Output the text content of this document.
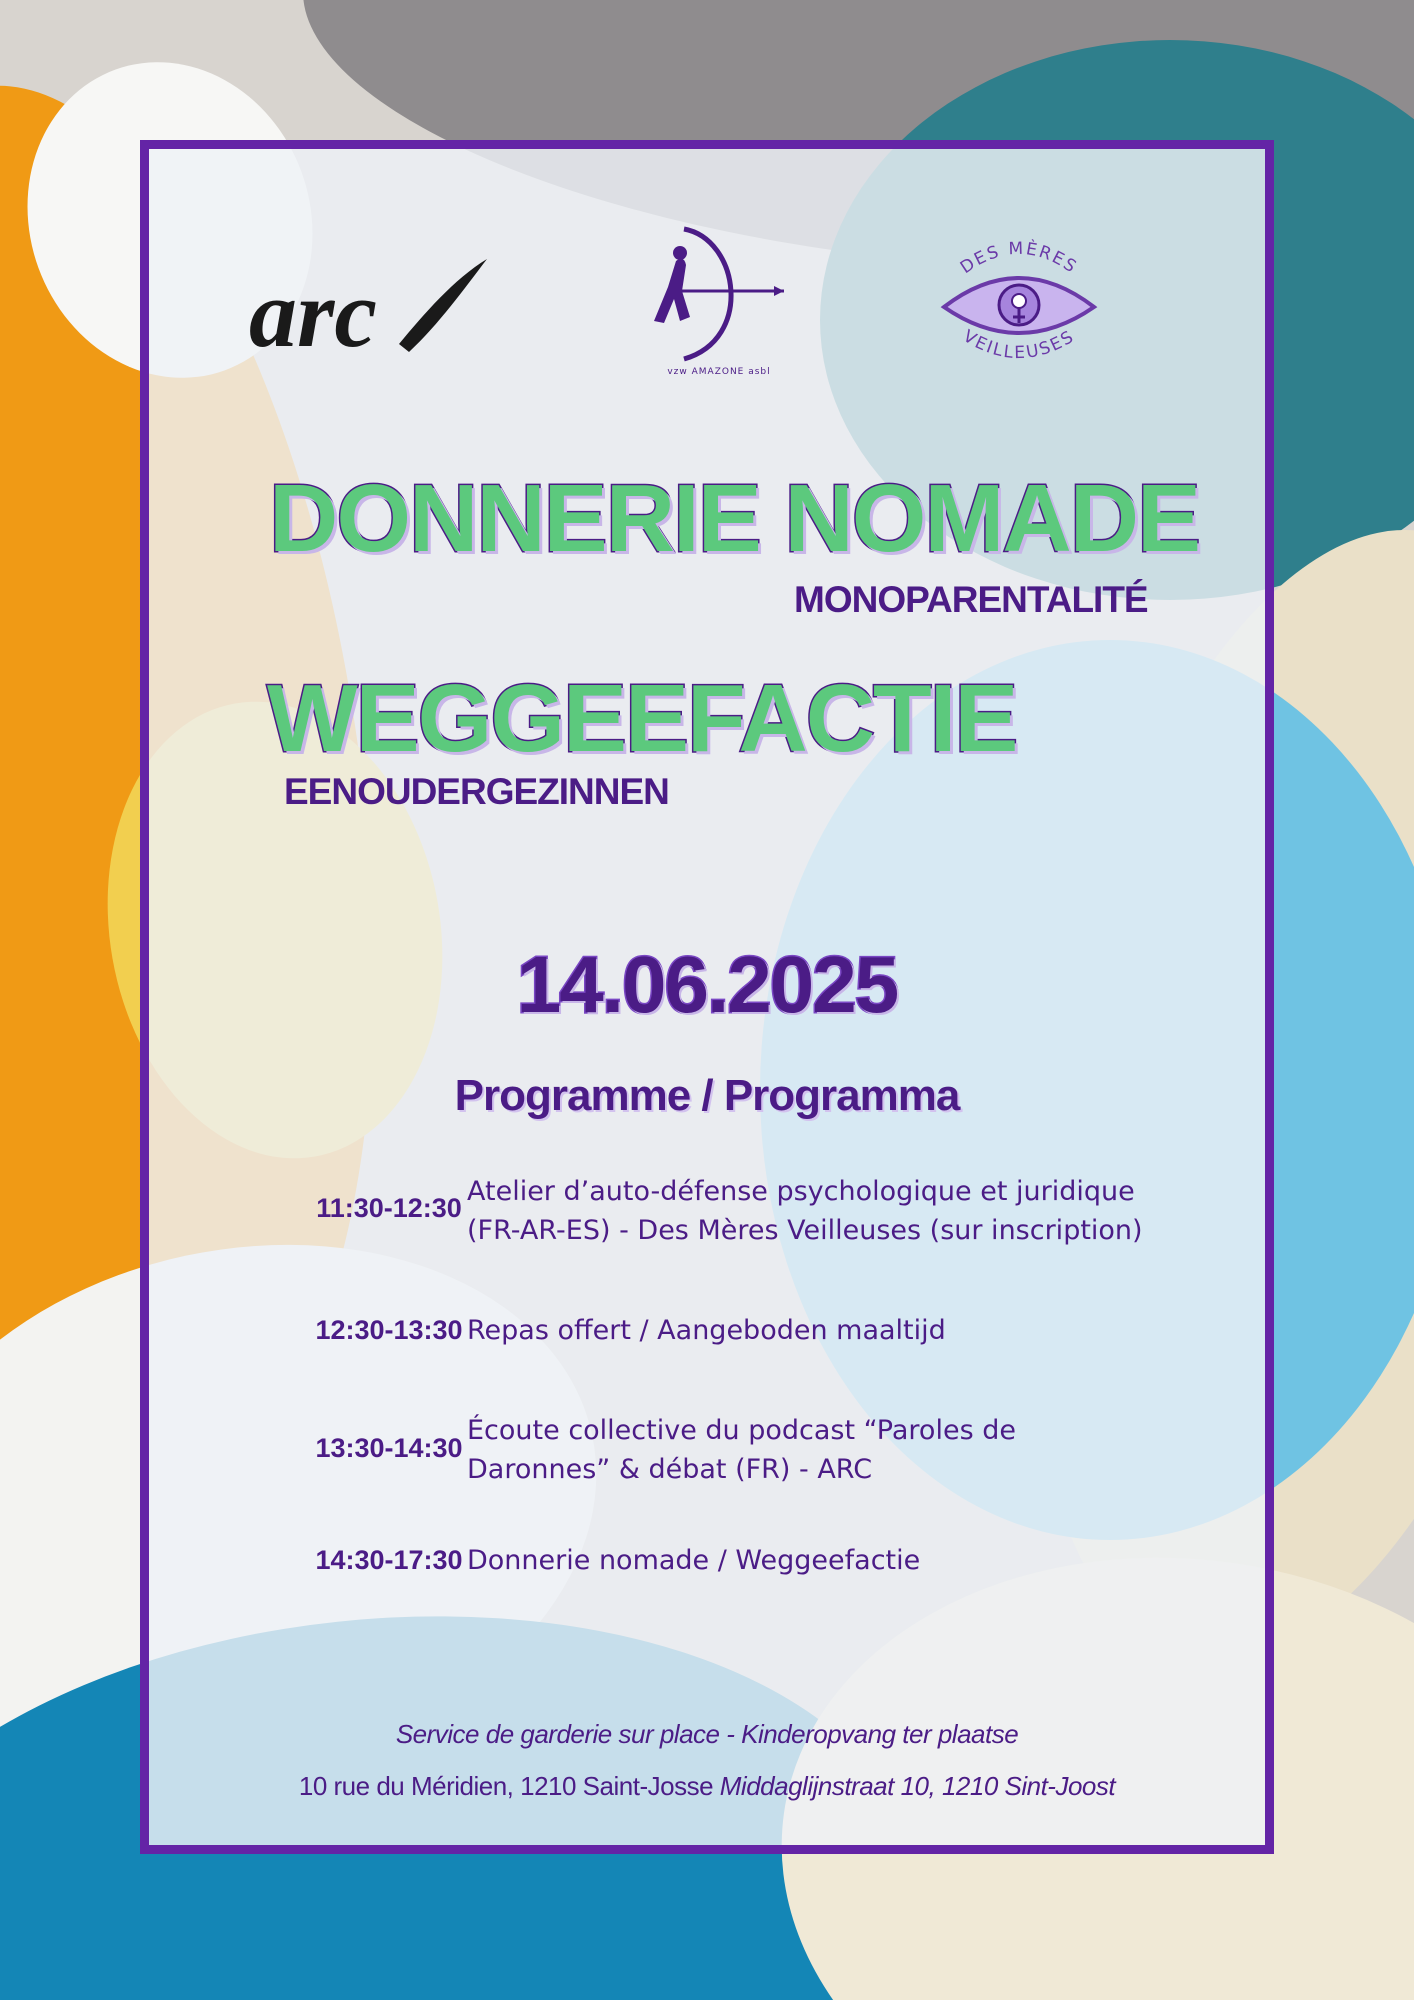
arc
vzw AMAZONE asbl
DES MÈRES
VEILLEUSES
DONNERIE NOMADE
MONOPARENTALITÉ
WEGGEEFACTIE
EENOUDERGEZINNEN
14.06.2025
Programme / Programma
11:30-12:30
Atelier d’auto-défense psychologique et juridique
(FR-AR-ES) - Des Mères Veilleuses (sur inscription)
12:30-13:30 Repas offert / Aangeboden maaltijd
13:30-14:30
Écoute collective du podcast “Paroles de
Daronnes” & débat (FR) - ARC
14:30-17:30 Donnerie nomade / Weggeefactie

Service de garderie sur place - Kinderopvang ter plaatse

10 rue du Méridien, 1210 Saint-Josse Middaglijnstraat 10, 1210 Sint-Joost
